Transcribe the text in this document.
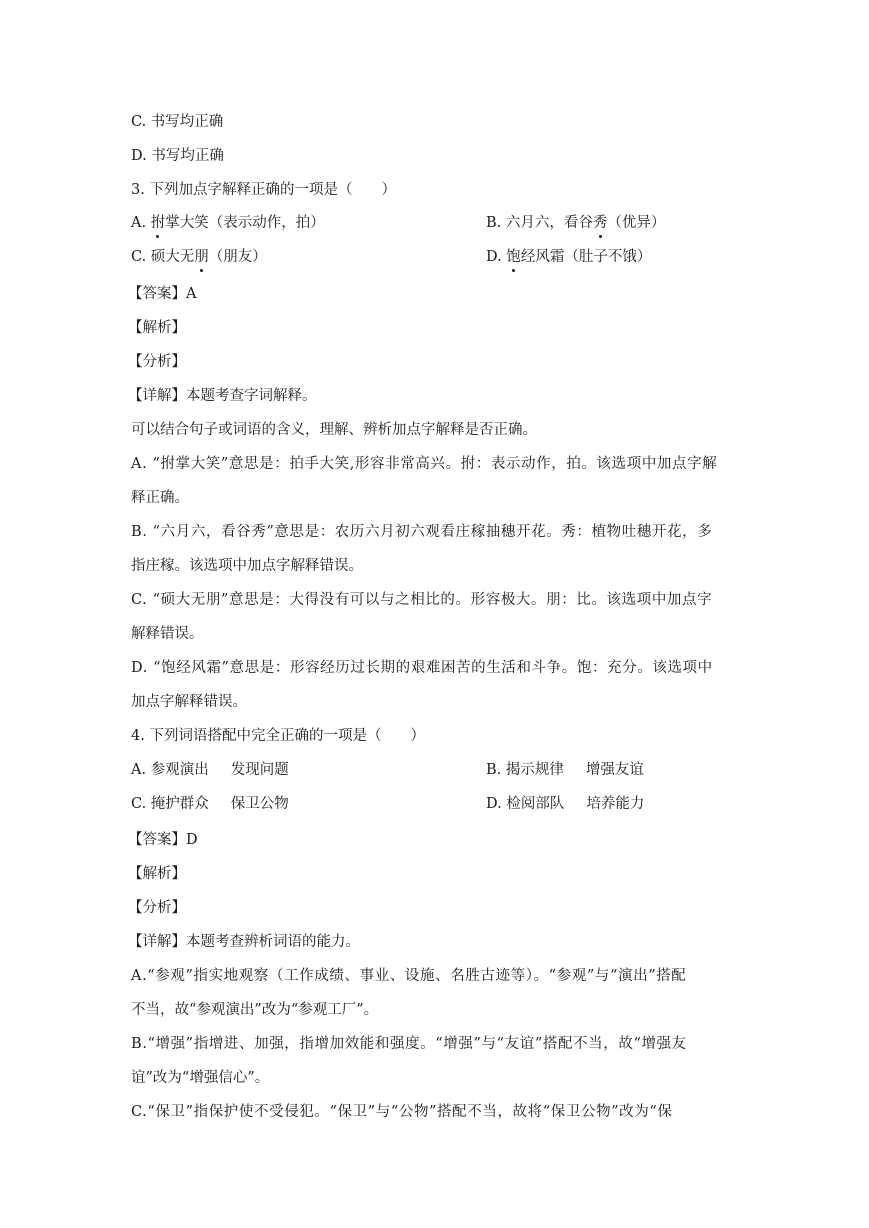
C. 书写均正确
D. 书写均正确
3. 下列加点字解释正确的一项是（　　）
A. 拊掌大笑（表示动作，拍）	B. 六月六，看谷秀（优异）
C. 硕大无朋（朋友）	D. 饱经风霜（肚子不饿）
【答案】A
【解析】
【分析】
【详解】本题考查字词解释。
可以结合句子或词语的含义，理解、辨析加点字解释是否正确。
A. “拊掌大笑”意思是：拍手大笑,形容非常高兴。拊：表示动作，拍。该选项中加点字解
释正确。
B. “六月六，看谷秀”意思是：农历六月初六观看庄稼抽穗开花。秀：植物吐穗开花，多
指庄稼。该选项中加点字解释错误。
C. “硕大无朋”意思是：大得没有可以与之相比的。形容极大。朋：比。该选项中加点字
解释错误。
D. “饱经风霜”意思是：形容经历过长期的艰难困苦的生活和斗争。饱：充分。该选项中
加点字解释错误。
4. 下列词语搭配中完全正确的一项是（　　）
A. 参观演出 发现问题	B. 揭示规律 增强友谊
C. 掩护群众 保卫公物	D. 检阅部队 培养能力
【答案】D
【解析】
【分析】
【详解】本题考查辨析词语的能力。
A.“参观”指实地观察（工作成绩、事业、设施、名胜古迹等）。“参观”与“演出”搭配
不当，故“参观演出”改为“参观工厂”。
B.“增强”指增进、加强，指增加效能和强度。“增强”与“友谊”搭配不当，故“增强友
谊”改为“增强信心”。
C.“保卫”指保护使不受侵犯。“保卫”与“公物”搭配不当，故将“保卫公物”改为“保
